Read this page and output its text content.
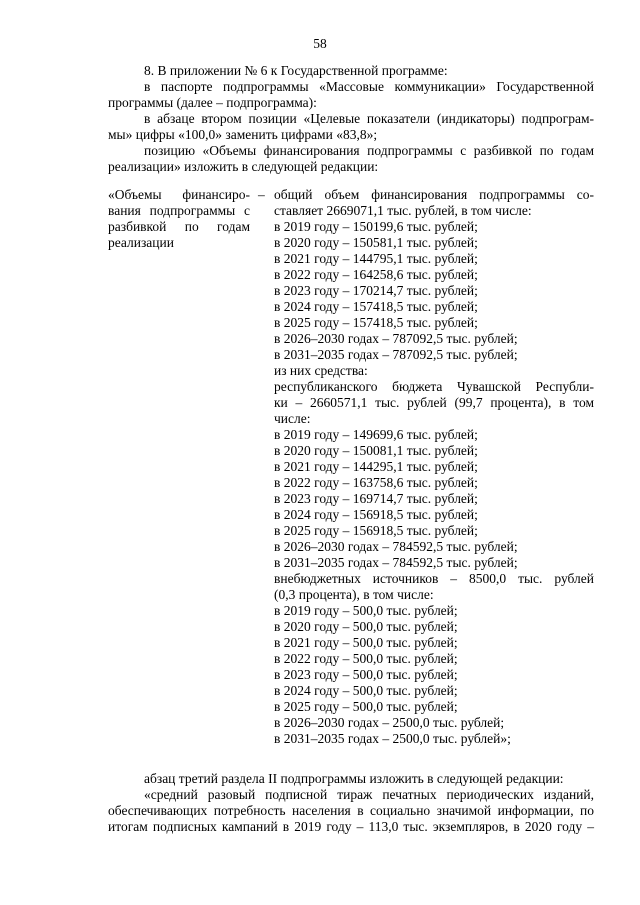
58
8. В приложении № 6 к Государственной программе:
в паспорте подпрограммы «Массовые коммуникации» Государственной
программы (далее – подпрограмма):
в абзаце втором позиции «Целевые показатели (индикаторы) подпрограм-
мы» цифры «100,0» заменить цифрами «83,8»;
позицию «Объемы финансирования подпрограммы с разбивкой по годам
реализации» изложить в следующей редакции:
«Объемы финансиро-
вания подпрограммы с
разбивкой по годам
реализации
– общий объем финансирования подпрограммы со-
ставляет 2669071,1 тыс. рублей, в том числе:
в 2019 году – 150199,6 тыс. рублей;
в 2020 году – 150581,1 тыс. рублей;
в 2021 году – 144795,1 тыс. рублей;
в 2022 году – 164258,6 тыс. рублей;
в 2023 году – 170214,7 тыс. рублей;
в 2024 году – 157418,5 тыс. рублей;
в 2025 году – 157418,5 тыс. рублей;
в 2026–2030 годах – 787092,5 тыс. рублей;
в 2031–2035 годах – 787092,5 тыс. рублей;
из них средства:
республиканского бюджета Чувашской Республи-
ки – 2660571,1 тыс. рублей (99,7 процента), в том
числе:
в 2019 году – 149699,6 тыс. рублей;
в 2020 году – 150081,1 тыс. рублей;
в 2021 году – 144295,1 тыс. рублей;
в 2022 году – 163758,6 тыс. рублей;
в 2023 году – 169714,7 тыс. рублей;
в 2024 году – 156918,5 тыс. рублей;
в 2025 году – 156918,5 тыс. рублей;
в 2026–2030 годах – 784592,5 тыс. рублей;
в 2031–2035 годах – 784592,5 тыс. рублей;
внебюджетных источников – 8500,0 тыс. рублей
(0,3 процента), в том числе:
в 2019 году – 500,0 тыс. рублей;
в 2020 году – 500,0 тыс. рублей;
в 2021 году – 500,0 тыс. рублей;
в 2022 году – 500,0 тыс. рублей;
в 2023 году – 500,0 тыс. рублей;
в 2024 году – 500,0 тыс. рублей;
в 2025 году – 500,0 тыс. рублей;
в 2026–2030 годах – 2500,0 тыс. рублей;
в 2031–2035 годах – 2500,0 тыс. рублей»;
абзац третий раздела II подпрограммы изложить в следующей редакции:
«средний разовый подписной тираж печатных периодических изданий,
обеспечивающих потребность населения в социально значимой информации, по
итогам подписных кампаний в 2019 году – 113,0 тыс. экземпляров, в 2020 году –
